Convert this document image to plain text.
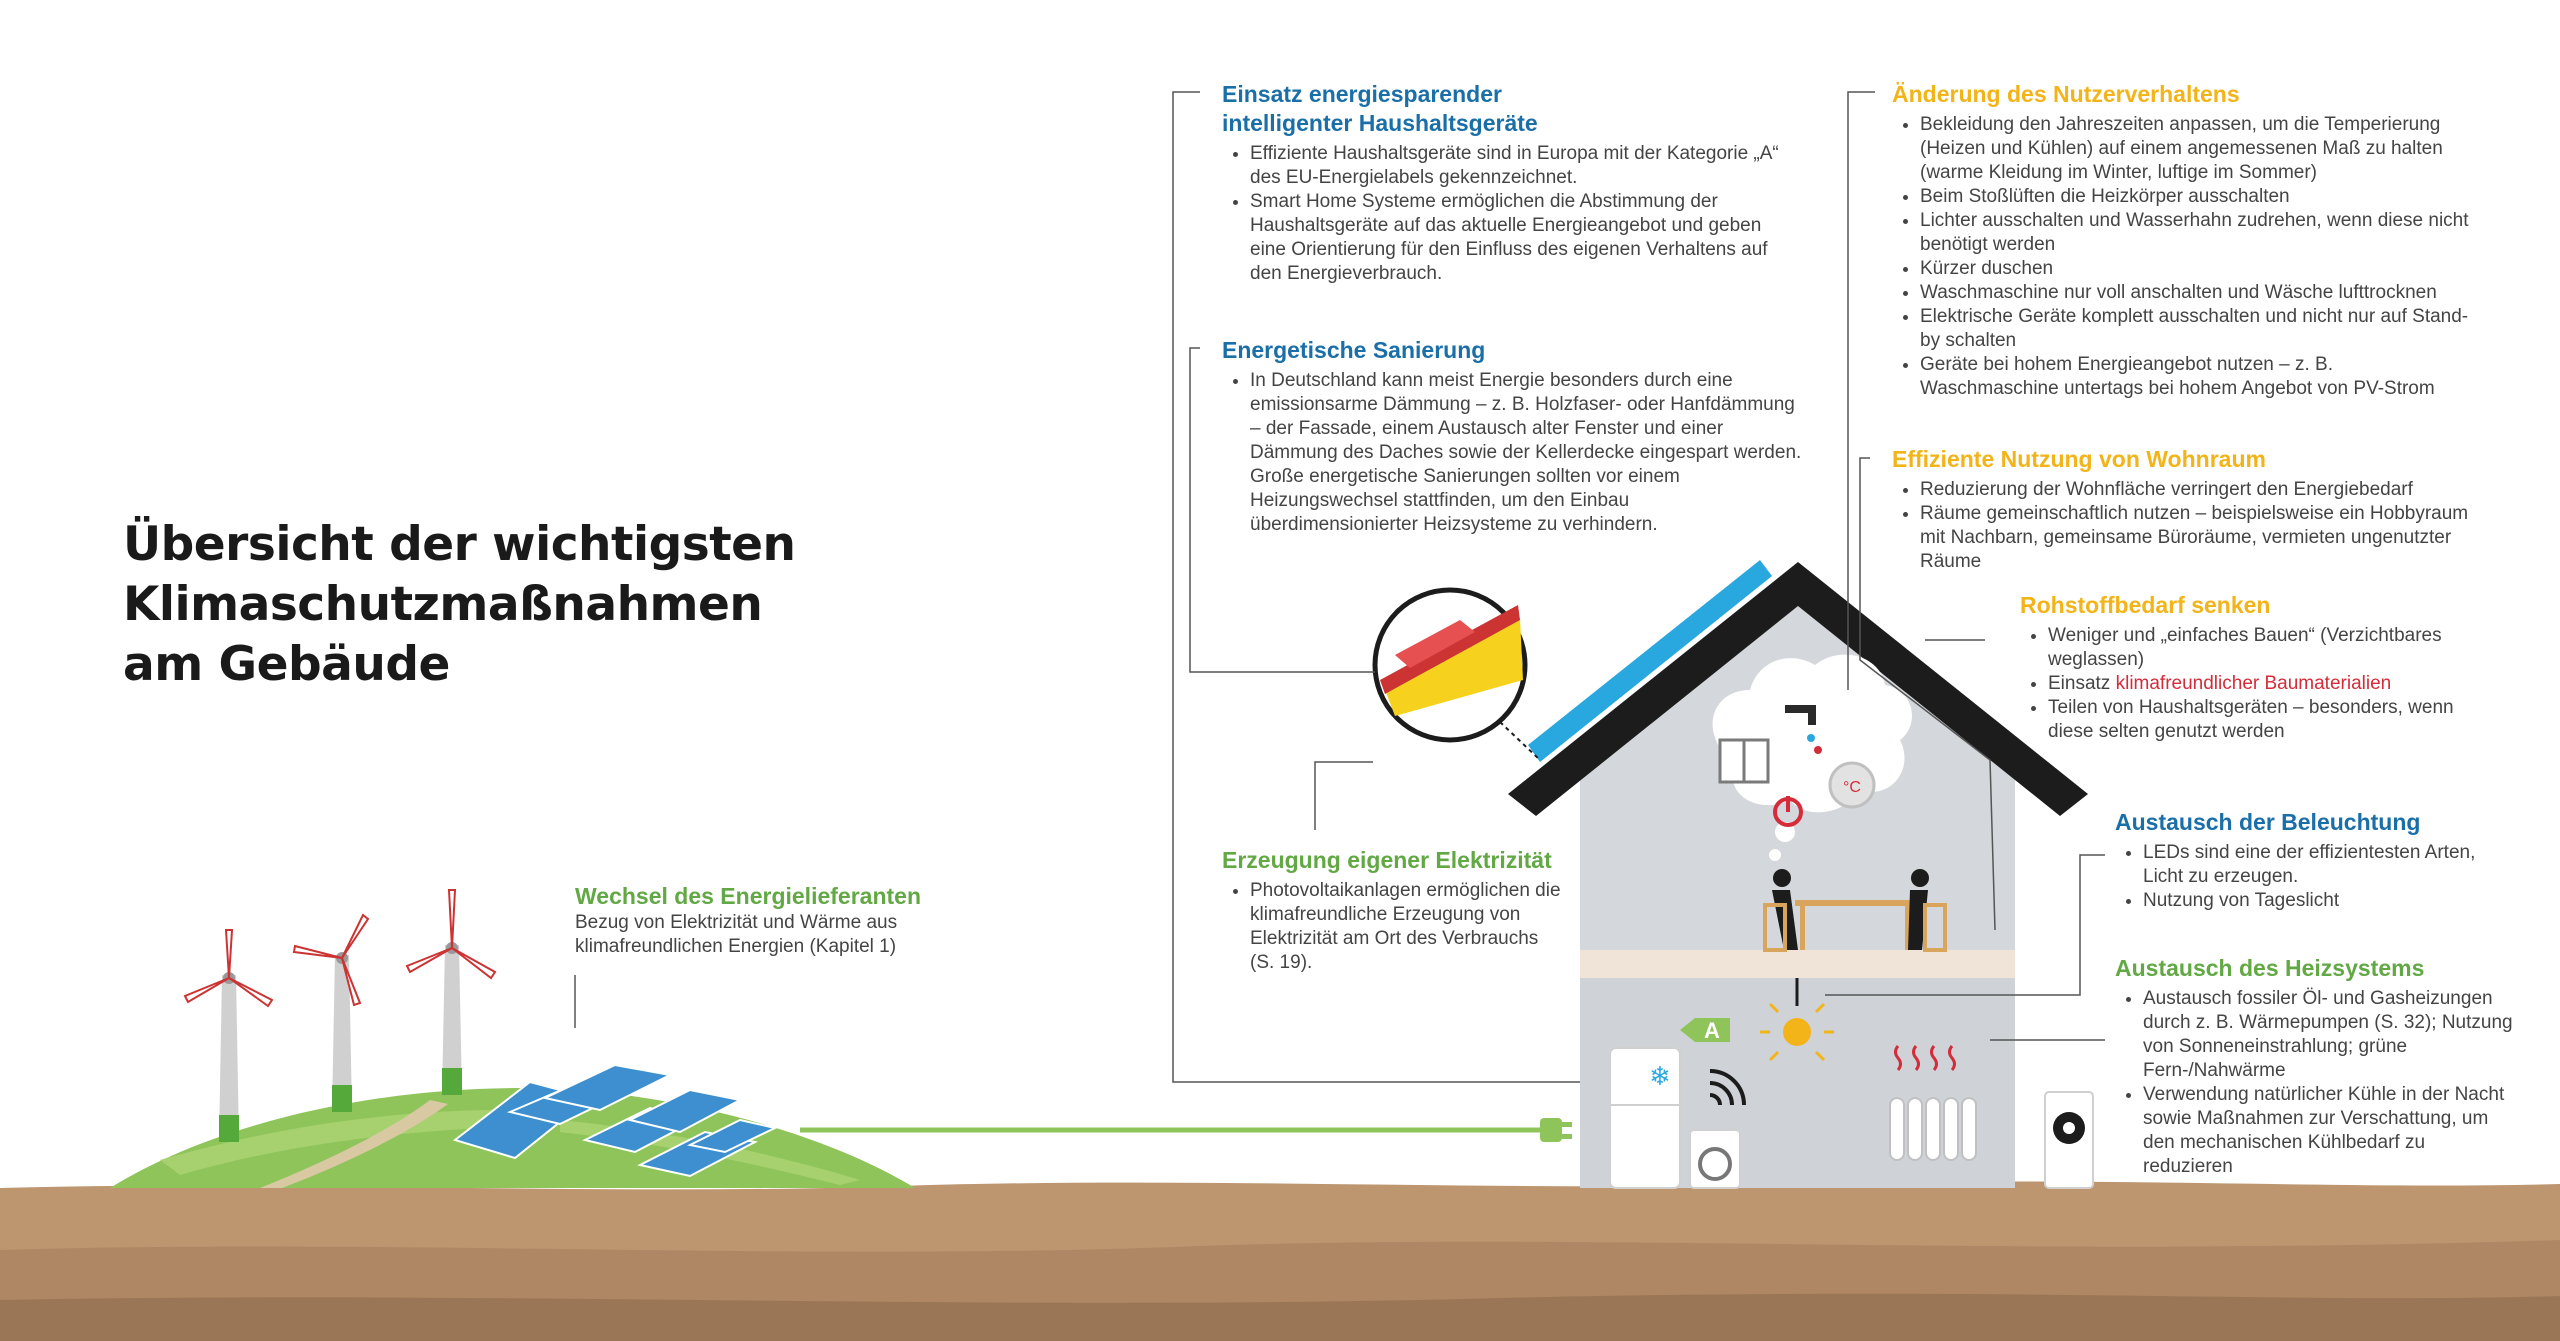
°C
❄
A
Übersicht der wichtigsten
Klimaschutzmaßnahmen
am Gebäude
Einsatz energiesparender
intelligenter Haushaltsgeräte
• Effiziente Haushaltsgeräte sind in Europa mit der Kategorie „A“ des EU-Energielabels gekennzeichnet.
• Smart Home Systeme ermöglichen die Abstimmung der Haushaltsgeräte auf das aktuelle Energieangebot und geben eine Orientierung für den Einfluss des eigenen Verhaltens auf den Energieverbrauch.
Energetische Sanierung
• In Deutschland kann meist Energie besonders durch eine emissionsarme Dämmung – z. B. Holzfaser- oder Hanfdämmung – der Fassade, einem Austausch alter Fenster und einer Dämmung des Daches sowie der Kellerdecke eingespart werden. Große energetische Sanierungen sollten vor einem Heizungswechsel stattfinden, um den Einbau überdimensionierter Heizsysteme zu verhindern.
Erzeugung eigener Elektrizität
• Photovoltaikanlagen ermöglichen die klimafreundliche Erzeugung von Elektrizität am Ort des Verbrauchs (S. 19).
Wechsel des Energielieferanten
Bezug von Elektrizität und Wärme aus klimafreundlichen Energien (Kapitel 1)
Änderung des Nutzerverhaltens
• Bekleidung den Jahreszeiten anpassen, um die Temperierung (Heizen und Kühlen) auf einem angemessenen Maß zu halten (warme Kleidung im Winter, luftige im Sommer)
• Beim Stoßlüften die Heizkörper ausschalten
• Lichter ausschalten und Wasserhahn zudrehen, wenn diese nicht benötigt werden
• Kürzer duschen
• Waschmaschine nur voll anschalten und Wäsche lufttrocknen
• Elektrische Geräte komplett ausschalten und nicht nur auf Stand-by schalten
• Geräte bei hohem Energieangebot nutzen – z. B. Waschmaschine untertags bei hohem Angebot von PV-Strom
Effiziente Nutzung von Wohnraum
• Reduzierung der Wohnfläche verringert den Energiebedarf
• Räume gemeinschaftlich nutzen – beispielsweise ein Hobbyraum mit Nachbarn, gemeinsame Büroräume, vermieten ungenutzter Räume
Rohstoffbedarf senken
• Weniger und „einfaches Bauen“ (Verzichtbares weglassen)
• Einsatz klimafreundlicher Baumaterialien
• Teilen von Haushaltsgeräten – besonders, wenn diese selten genutzt werden
Austausch der Beleuchtung
• LEDs sind eine der effizientesten Arten, Licht zu erzeugen.
• Nutzung von Tageslicht
Austausch des Heizsystems
• Austausch fossiler Öl- und Gasheizungen durch z. B. Wärmepumpen (S. 32); Nutzung von Sonneneinstrahlung; grüne Fern-/Nahwärme
• Verwendung natürlicher Kühle in der Nacht sowie Maßnahmen zur Verschattung, um den mechanischen Kühlbedarf zu reduzieren
